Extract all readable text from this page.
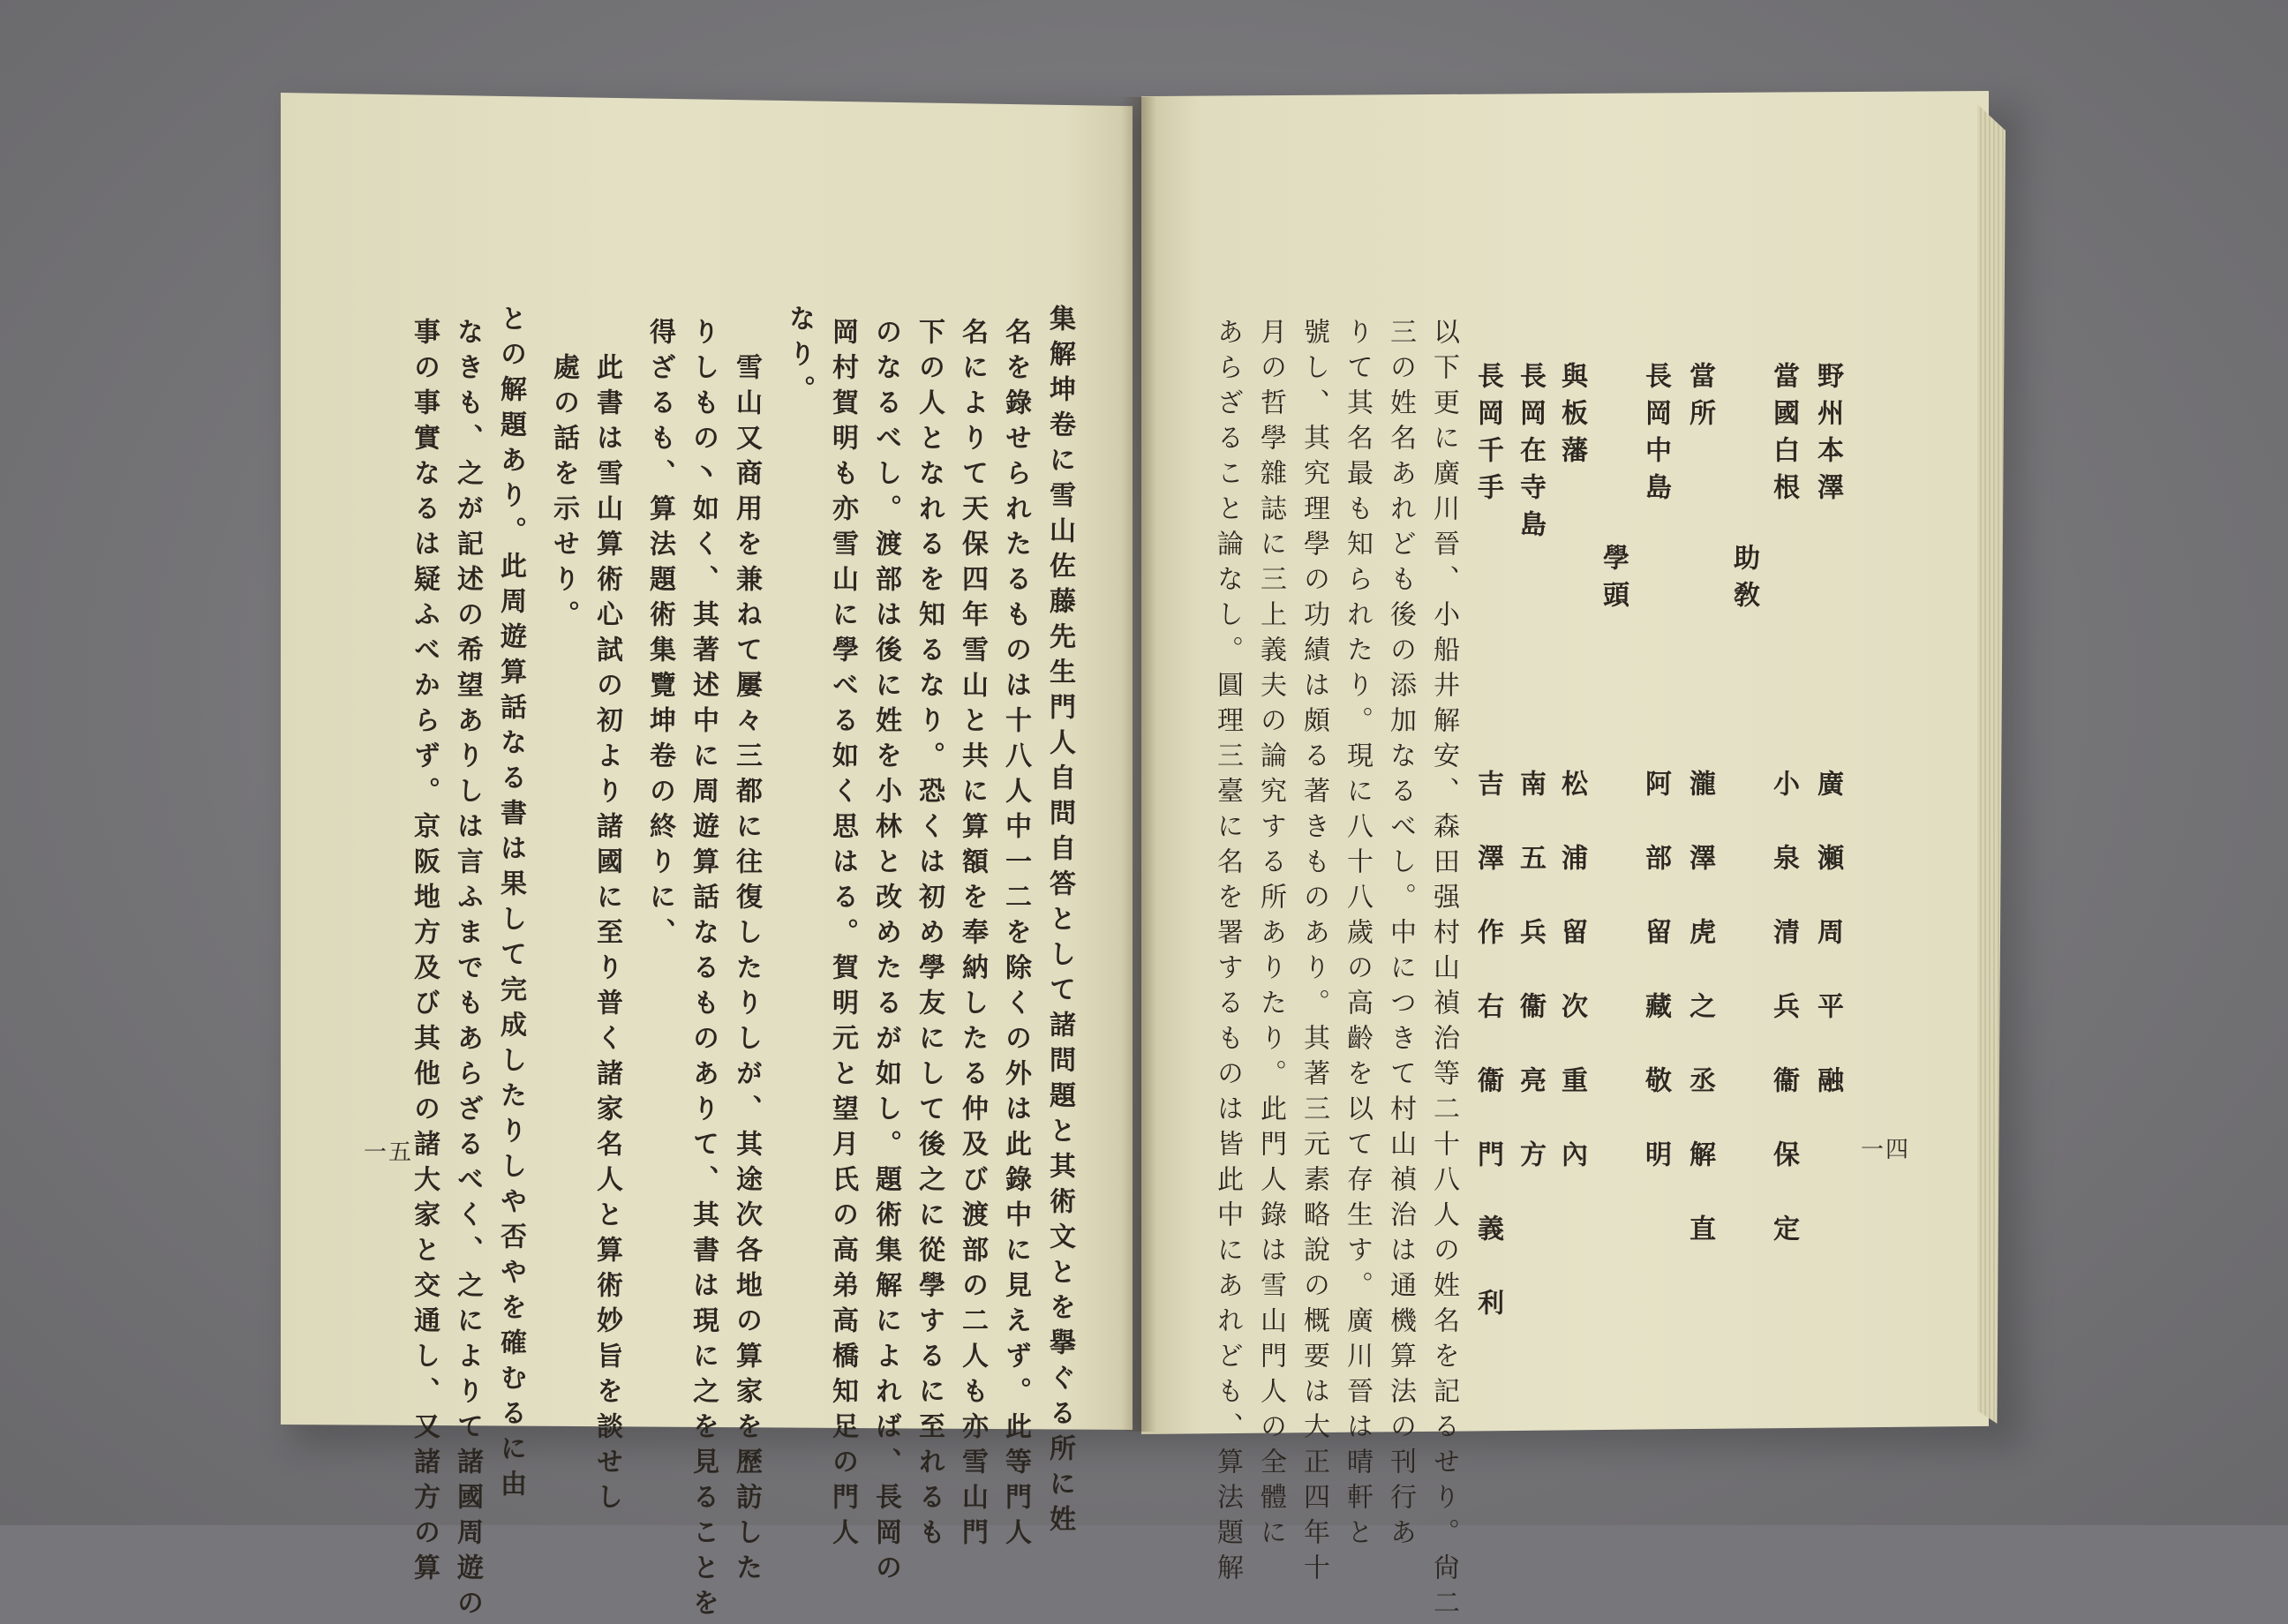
野州本澤　　　　　　　廣　瀬　周　平　融
當國白根　　　　　　　小　泉　清　兵　衞　保　定
　　　助敎
當所　　　　　　　　　瀧　澤　虎　之　丞　解　直
長岡中島　　　　　　　阿　部　留　藏　敬　明
　　　學頭
與板藩　　　　　　　　松　浦　留　次　重　內
長岡在寺島　　　　　　南　五　兵　衞　亮　方
長岡千手　　　　　　　吉　澤　作　右　衞　門　義　利
以下更に廣川晉、小船井解安、森田强村山禎治等二十八人の姓名を記るせり。尙二
三の姓名あれども後の添加なるべし。中につきて村山禎治は通機算法の刊行あ
りて其名最も知られたり。現に八十八歲の高齡を以て存生す。廣川晉は晴軒と
號し、其究理學の功績は頗る著きものあり。其著三元素略說の概要は大正四年十
月の哲學雜誌に三上義夫の論究する所ありたり。此門人錄は雪山門人の全體に
あらざること論なし。圓理三臺に名を署するものは皆此中にあれども、算法題解	一四
集解坤卷に雪山佐藤先生門人自問自答として諸問題と其術文とを擧ぐる所に姓
名を錄せられたるものは十八人中一二を除くの外は此錄中に見えず。此等門人
名によりて天保四年雪山と共に算額を奉納したる仲及び渡部の二人も亦雪山門
下の人となれるを知るなり。恐くは初め學友にして後之に從學するに至れるも
のなるべし。渡部は後に姓を小林と改めたるが如し。題術集解によれば、長岡の
岡村賀明も亦雪山に學べる如く思はる。賀明元と望月氏の高弟高橋知足の門人
なり。
　雪山又商用を兼ねて屢々三都に往復したりしが、其途次各地の算家を歷訪した
りしもの丶如く、其著述中に周遊算話なるものありて、其書は現に之を見ることを
得ざるも、算法題術集覽坤卷の終りに、
　此書は雪山算術心試の初より諸國に至り普く諸家名人と算術妙旨を談せし
　處の話を示せり。
との解題あり。此周遊算話なる書は果して完成したりしや否やを確むるに由
なきも、之が記述の希望ありしは言ふまでもあらざるべく、之によりて諸國周遊の
事の事實なるは疑ふべからず。京阪地方及び其他の諸大家と交通し、又諸方の算
一五
